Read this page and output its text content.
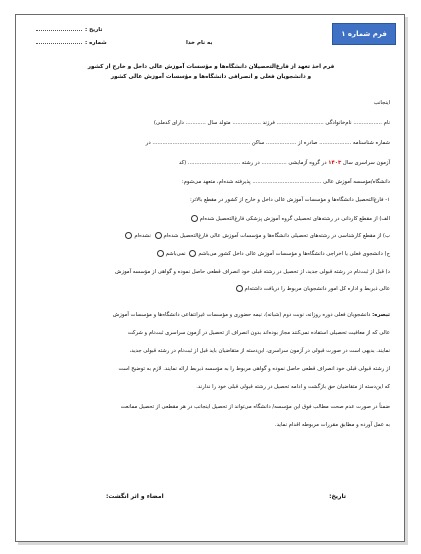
فرم شماره ۱
به نام خدا
تاریخ :
شماره :
فرم اخذ تعهد از فارغ‌التحصیلان دانشگاه‌ها و مؤسسات آموزش عالی داخل و خارج از کشور
و دانشجویان فعلی و انصرافی دانشگاه‌ها و مؤسسات آموزش عالی کشور
اینجانب
نام ................. نام‌خانوادگی ............................ فرزند ................. متولد سال ............ دارای کدملی)
شماره شناسنامه ................... صادره از .................. ساکن .......................................................... در
آزمون سراسری سال ۱۴۰۳ در گروه آزمایشی ............... در رشته ............................... (کد
دانشگاه/مؤسسه آموزش عالی ......................................... پذیرفته شده‌ام، متعهد می‌شوم:
۱- فارغ‌التحصیل دانشگاه‌ها و مؤسسات آموزش عالی داخل و خارج از کشور در مقطع بالاتر:
الف) از مقطع کاردانی در رشته‌های تحصیلی گروه آموزش پزشکی فارغ‌التحصیل شده‌ام
ب) از مقطع کارشناسی در رشته‌های تحصیلی دانشگاه‌ها و مؤسسات آموزش عالی فارغ‌التحصیل شده‌ام نشده‌ام
ج) دانشجوی فعلی یا اخراجی دانشگاه‌ها و مؤسسات آموزش عالی داخل کشور می‌باشم نمی‌باشم
د) قبل از ثبت‌نام در رشته قبولی جدید، از تحصیل در رشته قبلی خود انصراف قطعی حاصل نموده و گواهی از مؤسسه آموزش
عالی ذیربط و اداره کل امور دانشجویان مربوط را دریافت داشته‌ام
تبصره: دانشجویان فعلی دوره روزانه، نوبت دوم (شبانه)، نیمه حضوری و مؤسسات غیرانتفاعی دانشگاه‌ها و مؤسسات آموزش
عالی که از معافیت تحصیلی استفاده نمی‌کنند مجاز بوده‌اند بدون انصراف از تحصیل در آزمون سراسری ثبت‌نام و شرکت
نمایند. بدیهی است در صورت قبولی در آزمون سراسری، این‌دسته از متقاضیان باید قبل از ثبت‌نام در رشته قبولی جدید،
از رشته قبولی قبلی خود انصراف قطعی حاصل نموده و گواهی مربوط را به مؤسسه ذیربط ارائه نمایند. لازم به توضیح است
که این‌دسته از متقاضیان حق بازگشت و ادامه تحصیل در رشته قبولی قبلی خود را ندارند.
ضمناً در صورت عدم صحت مطالب فوق این مؤسسه/ دانشگاه می‌تواند از تحصیل اینجانب در هر مقطعی از تحصیل ممانعت
به عمل آورده و مطابق مقررات مربوطه اقدام نماید.
تاریخ:
امضاء و اثر انگشت:
